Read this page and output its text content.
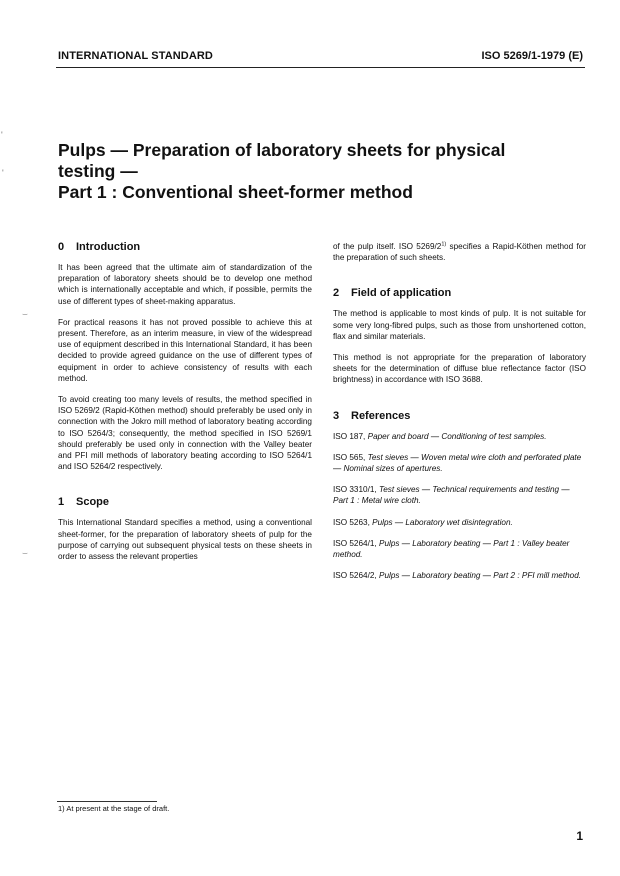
INTERNATIONAL STANDARD	ISO 5269/1-1979 (E)
Pulps — Preparation of laboratory sheets for physical
testing —
Part 1 : Conventional sheet-former method
'
'
⌣
⌣
0 Introduction

It has been agreed that the ultimate aim of standardization of the preparation of laboratory sheets should be to develop one method which is internationally acceptable and which, if possible, permits the use of different types of sheet-making apparatus.

For practical reasons it has not proved possible to achieve this at present. Therefore, as an interim measure, in view of the widespread use of equipment described in this International Standard, it has been decided to provide agreed guidance on the use of different types of equipment in order to achieve consistency of results with each method.

To avoid creating too many levels of results, the method specified in ISO 5269/2 (Rapid-Köthen method) should preferably be used only in connection with the Jokro mill method of laboratory beating according to ISO 5264/3; consequently, the method specified in ISO 5269/1 should preferably be used only in connection with the Valley beater and PFI mill methods of laboratory beating according to ISO 5264/1 and ISO 5264/2 respectively.

1 Scope

This International Standard specifies a method, using a conventional sheet-former, for the preparation of laboratory sheets of pulp for the purpose of carrying out subsequent physical tests on these sheets in order to assess the relevant properties

of the pulp itself. ISO 5269/2$^{1)}$ specifies a Rapid-Köthen method for the preparation of such sheets.

2 Field of application

The method is applicable to most kinds of pulp. It is not suitable for some very long-fibred pulps, such as those from unshortened cotton, flax and similar materials.

This method is not appropriate for the preparation of laboratory sheets for the determination of diffuse blue reflectance factor (ISO brightness) in accordance with ISO 3688.

3 References

ISO 187, Paper and board — Conditioning of test samples.

ISO 565, Test sieves — Woven metal wire cloth and perforated plate — Nominal sizes of apertures.

ISO 3310/1, Test sieves — Technical requirements and testing — Part 1 : Metal wire cloth.

ISO 5263, Pulps — Laboratory wet disintegration.

ISO 5264/1, Pulps — Laboratory beating — Part 1 : Valley beater method.

ISO 5264/2, Pulps — Laboratory beating — Part 2 : PFI mill method.

1) At present at the stage of draft.
1
